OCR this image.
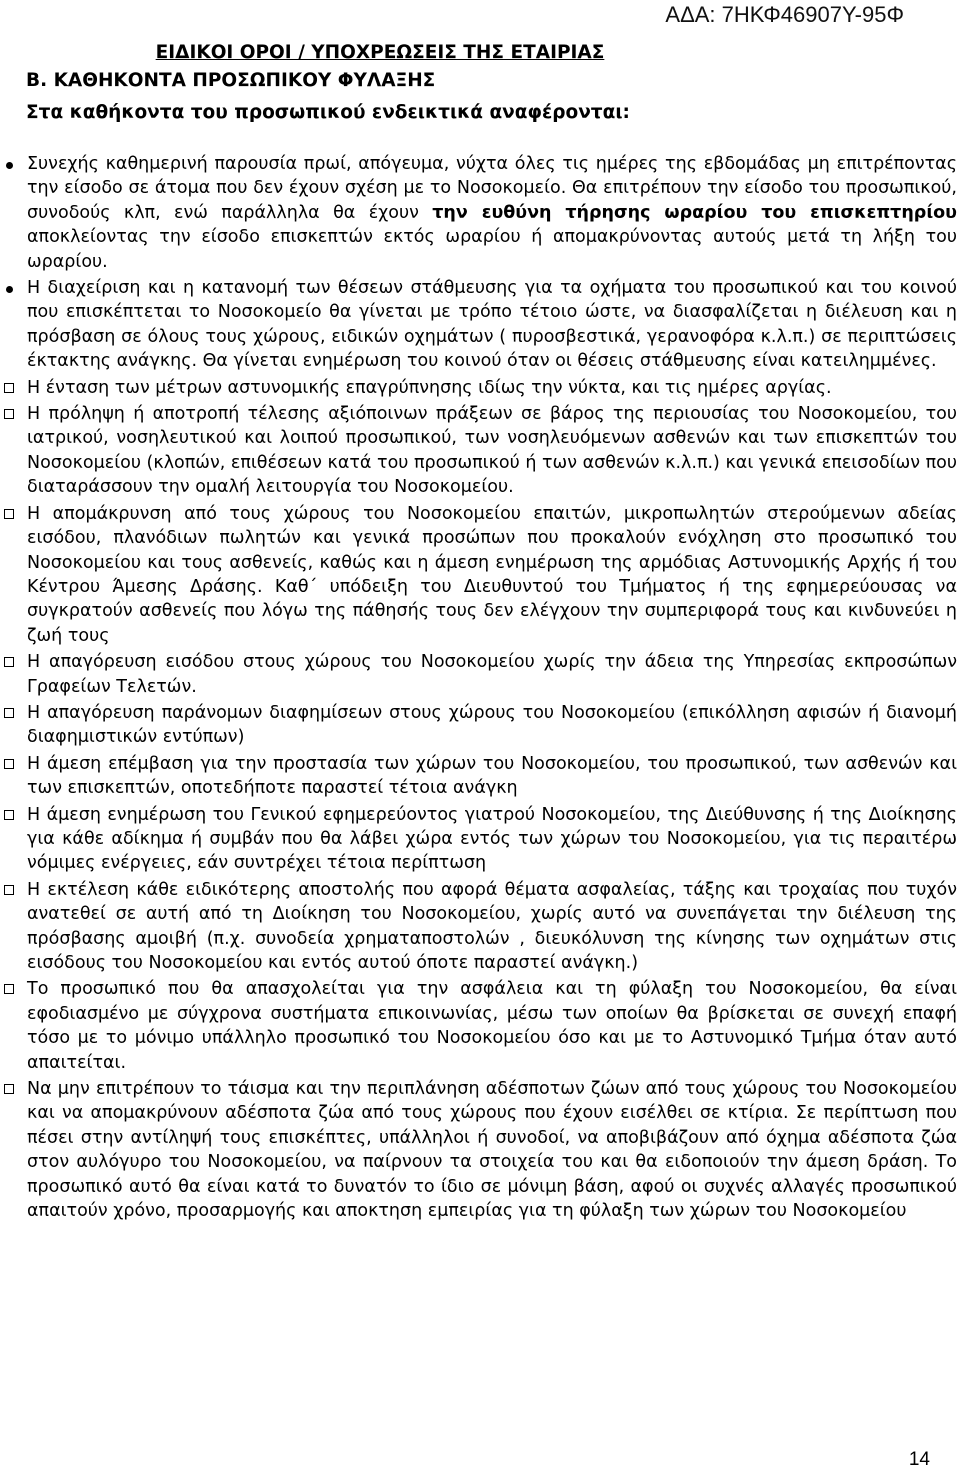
ΑΔΑ: 7ΗΚΦ46907Υ-95Φ
ΕΙΔΙΚΟΙ ΟΡΟΙ / ΥΠΟΧΡΕΩΣΕΙΣ ΤΗΣ ΕΤΑΙΡΙΑΣ
Β. ΚΑΘΗΚΟΝΤΑ ΠΡΟΣΩΠΙΚΟΥ ΦΥΛΑΞΗΣ
Στα καθήκοντα του προσωπικού ενδεικτικά αναφέρονται:

Συνεχής καθημερινή παρουσία πρωί, απόγευμα, νύχτα όλες τις ημέρες της εβδομάδας μη επιτρέποντας την είσοδο σε άτομα που δεν έχουν σχέση με το Νοσοκομείο. Θα επιτρέπουν την είσοδο του προσωπικού, συνοδούς κλπ, ενώ παράλληλα θα έχουν την ευθύνη τήρησης ωραρίου του επισκεπτηρίου αποκλείοντας την είσοδο επισκεπτών εκτός ωραρίου ή απομακρύνοντας αυτούς μετά τη λήξη του ωραρίου.

Η διαχείριση και η κατανομή των θέσεων στάθμευσης για τα οχήματα του προσωπικού και του κοινού που επισκέπτεται το Νοσοκομείο θα γίνεται με τρόπο τέτοιο ώστε, να διασφαλίζεται η διέλευση και η πρόσβαση σε όλους τους χώρους, ειδικών οχημάτων ( πυροσβεστικά, γερανοφόρα κ.λ.π.) σε περιπτώσεις έκτακτης ανάγκης. Θα γίνεται ενημέρωση του κοινού όταν οι θέσεις στάθμευσης είναι κατειλημμένες.

Η ένταση των μέτρων αστυνομικής επαγρύπνησης ιδίως την νύκτα, και τις ημέρες αργίας.

Η πρόληψη ή αποτροπή τέλεσης αξιόποινων πράξεων σε βάρος της περιουσίας του Νοσοκομείου, του ιατρικού, νοσηλευτικού και λοιπού προσωπικού, των νοσηλευόμενων ασθενών και των επισκεπτών του Νοσοκομείου (κλοπών, επιθέσεων κατά του προσωπικού ή των ασθενών κ.λ.π.) και γενικά επεισοδίων που διαταράσσουν την ομαλή λειτουργία του Νοσοκομείου.

Η απομάκρυνση από τους χώρους του Νοσοκομείου επαιτών, μικροπωλητών στερούμενων αδείας εισόδου, πλανόδιων πωλητών και γενικά προσώπων που προκαλούν ενόχληση στο προσωπικό του Νοσοκομείου και τους ασθενείς, καθώς και η άμεση ενημέρωση της αρμόδιας Αστυνομικής Αρχής ή του Κέντρου Άμεσης Δράσης. Καθ΄ υπόδειξη του Διευθυντού του Τμήματος ή της εφημερεύουσας να συγκρατούν ασθενείς που λόγω της πάθησής τους δεν ελέγχουν την συμπεριφορά τους και κινδυνεύει η ζωή τους

Η απαγόρευση εισόδου στους χώρους του Νοσοκομείου χωρίς την άδεια της Υπηρεσίας εκπροσώπων Γραφείων Τελετών.

Η απαγόρευση παράνομων διαφημίσεων στους χώρους του Νοσοκομείου (επικόλληση αφισών ή διανομή διαφημιστικών εντύπων)

Η άμεση επέμβαση για την προστασία των χώρων του Νοσοκομείου, του προσωπικού, των ασθενών και των επισκεπτών, οποτεδήποτε παραστεί τέτοια ανάγκη

Η άμεση ενημέρωση του Γενικού εφημερεύοντος γιατρού Νοσοκομείου, της Διεύθυνσης ή της Διοίκησης για κάθε αδίκημα ή συμβάν που θα λάβει χώρα εντός των χώρων του Νοσοκομείου, για τις περαιτέρω νόμιμες ενέργειες, εάν συντρέχει τέτοια περίπτωση

Η εκτέλεση κάθε ειδικότερης αποστολής που αφορά θέματα ασφαλείας, τάξης και τροχαίας που τυχόν ανατεθεί σε αυτή από τη Διοίκηση του Νοσοκομείου, χωρίς αυτό να συνεπάγεται την διέλευση της πρόσβασης αμοιβή (π.χ. συνοδεία χρηματαποστολών , διευκόλυνση της κίνησης των οχημάτων στις εισόδους του Νοσοκομείου και εντός αυτού όποτε παραστεί ανάγκη.)

Το προσωπικό που θα απασχολείται για την ασφάλεια και τη φύλαξη του Νοσοκομείου, θα είναι εφοδιασμένο με σύγχρονα συστήματα επικοινωνίας, μέσω των οποίων θα βρίσκεται σε συνεχή επαφή τόσο με το μόνιμο υπάλληλο προσωπικό του Νοσοκομείου όσο και με το Αστυνομικό Τμήμα όταν αυτό απαιτείται.

Να μην επιτρέπουν το τάισμα και την περιπλάνηση αδέσποτων ζώων από τους χώρους του Νοσοκομείου και να απομακρύνουν αδέσποτα ζώα από τους χώρους που έχουν εισέλθει σε κτίρια. Σε περίπτωση που πέσει στην αντίληψή τους επισκέπτες, υπάλληλοι ή συνοδοί, να αποβιβάζουν από όχημα αδέσποτα ζώα στον αυλόγυρο του Νοσοκομείου, να παίρνουν τα στοιχεία του και θα ειδοποιούν την άμεση δράση. Το προσωπικό αυτό θα είναι κατά το δυνατόν το ίδιο σε μόνιμη βάση, αφού οι συχνές αλλαγές προσωπικού απαιτούν χρόνο, προσαρμογής και αποκτηση εμπειρίας για τη φύλαξη των χώρων του Νοσοκομείου

14
